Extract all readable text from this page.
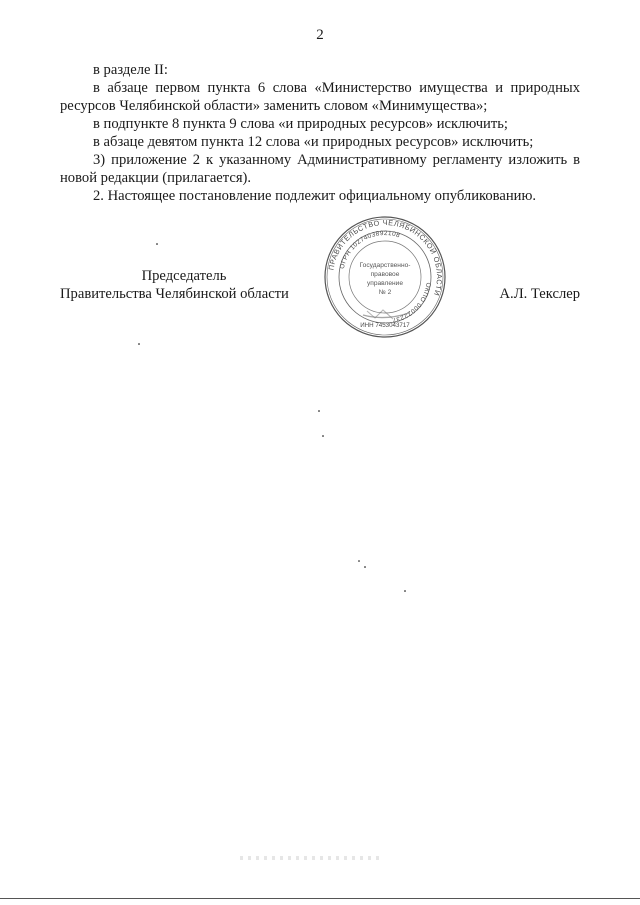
2

в разделе II:

в абзаце первом пункта 6 слова «Министерство имущества и природных ресурсов Челябинской области» заменить словом «Минимущества»;

в подпункте 8 пункта 9 слова «и природных ресурсов» исключить;

в абзаце девятом пункта 12 слова «и природных ресурсов» исключить;

3) приложение 2 к указанному Административному регламенту изложить в новой редакции (прилагается).

2. Настоящее постановление подлежит официальному опубликованию.

Председатель
Правительства Челябинской области	А.Л. Текслер
ПРАВИТЕЛЬСТВО ЧЕЛЯБИНСКОЙ ОБЛАСТИ
ОГРН 1027403892108
ОКПО 00022237
ИНН 7453043717
Государственно-
правовое
управление
№ 2
